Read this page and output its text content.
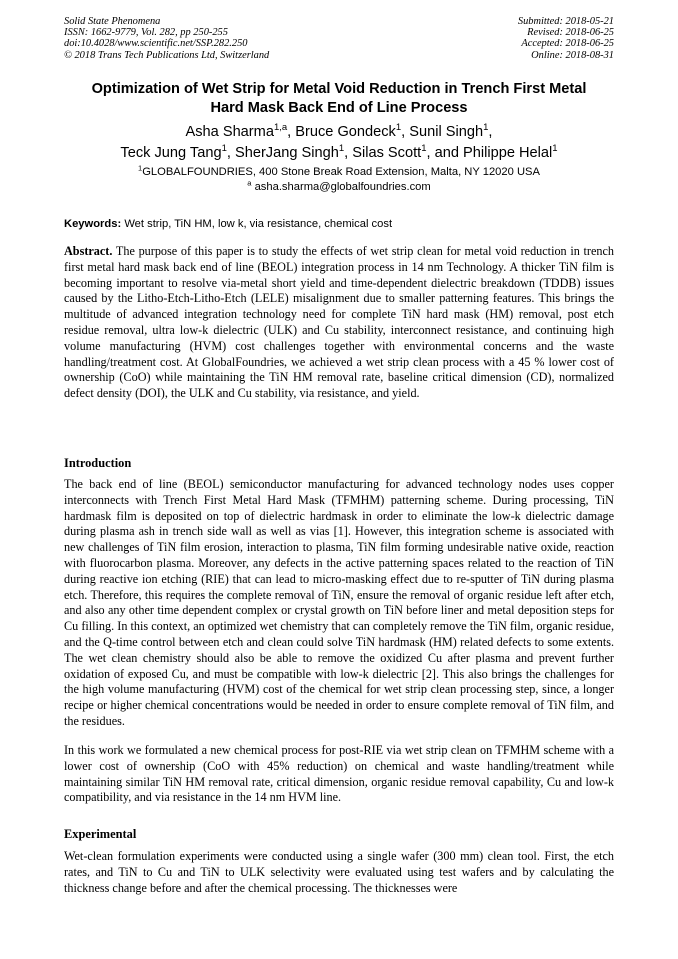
Solid State Phenomena
ISSN: 1662-9779, Vol. 282, pp 250-255
doi:10.4028/www.scientific.net/SSP.282.250
© 2018 Trans Tech Publications Ltd, Switzerland
Submitted: 2018-05-21
Revised: 2018-06-25
Accepted: 2018-06-25
Online: 2018-08-31
Optimization of Wet Strip for Metal Void Reduction in Trench First Metal
Hard Mask Back End of Line Process
Asha Sharma$^{1,a}$, Bruce Gondeck$^1$, Sunil Singh$^1$,
Teck Jung Tang$^1$, SherJang Singh$^1$, Silas Scott$^1$, and Philippe Helal$^1$
$^1$GLOBALFOUNDRIES, 400 Stone Break Road Extension, Malta, NY 12020 USA
$^a$ asha.sharma@globalfoundries.com
Keywords: Wet strip, TiN HM, low k, via resistance, chemical cost

Abstract. The purpose of this paper is to study the effects of wet strip clean for metal void reduction in trench first metal hard mask back end of line (BEOL) integration process in 14 nm Technology. A thicker TiN film is becoming important to resolve via-metal short yield and time-dependent dielectric breakdown (TDDB) issues caused by the Litho-Etch-Litho-Etch (LELE) misalignment due to smaller patterning features. This brings the multitude of advanced integration technology need for complete TiN hard mask (HM) removal, post etch residue removal, ultra low-k dielectric (ULK) and Cu stability, interconnect resistance, and continuing high volume manufacturing (HVM) cost challenges together with environmental concerns and the waste handling/treatment cost. At GlobalFoundries, we achieved a wet strip clean process with a 45 % lower cost of ownership (CoO) while maintaining the TiN HM removal rate, baseline critical dimension (CD), normalized defect density (DOI), the ULK and Cu stability, via resistance, and yield.

Introduction

The back end of line (BEOL) semiconductor manufacturing for advanced technology nodes uses copper interconnects with Trench First Metal Hard Mask (TFMHM) patterning scheme. During processing, TiN hardmask film is deposited on top of dielectric hardmask in order to eliminate the low-k dielectric damage during plasma ash in trench side wall as well as vias [1]. However, this integration scheme is associated with new challenges of TiN film erosion, interaction to plasma, TiN film forming undesirable native oxide, reaction with fluorocarbon plasma. Moreover, any defects in the active patterning spaces related to the reaction of TiN during reactive ion etching (RIE) that can lead to micro-masking effect due to re-sputter of TiN during plasma etch. Therefore, this requires the complete removal of TiN, ensure the removal of organic residue left after etch, and also any other time dependent complex or crystal growth on TiN before liner and metal deposition steps for Cu filling. In this context, an optimized wet chemistry that can completely remove the TiN film, organic residue, and the Q-time control between etch and clean could solve TiN hardmask (HM) related defects to some extents. The wet clean chemistry should also be able to remove the oxidized Cu after plasma and prevent further oxidation of exposed Cu, and must be compatible with low-k dielectric [2]. This also brings the challenges for the high volume manufacturing (HVM) cost of the chemical for wet strip clean processing step, since, a longer recipe or higher chemical concentrations would be needed in order to ensure complete removal of TiN film, and the residues.

In this work we formulated a new chemical process for post-RIE via wet strip clean on TFMHM scheme with a lower cost of ownership (CoO with 45% reduction) on chemical and waste handling/treatment while maintaining similar TiN HM removal rate, critical dimension, organic residue removal capability, Cu and low-k compatibility, and via resistance in the 14 nm HVM line.

Experimental

Wet-clean formulation experiments were conducted using a single wafer (300 mm) clean tool. First, the etch rates, and TiN to Cu and TiN to ULK selectivity were evaluated using test wafers and by calculating the thickness change before and after the chemical processing. The thicknesses were
